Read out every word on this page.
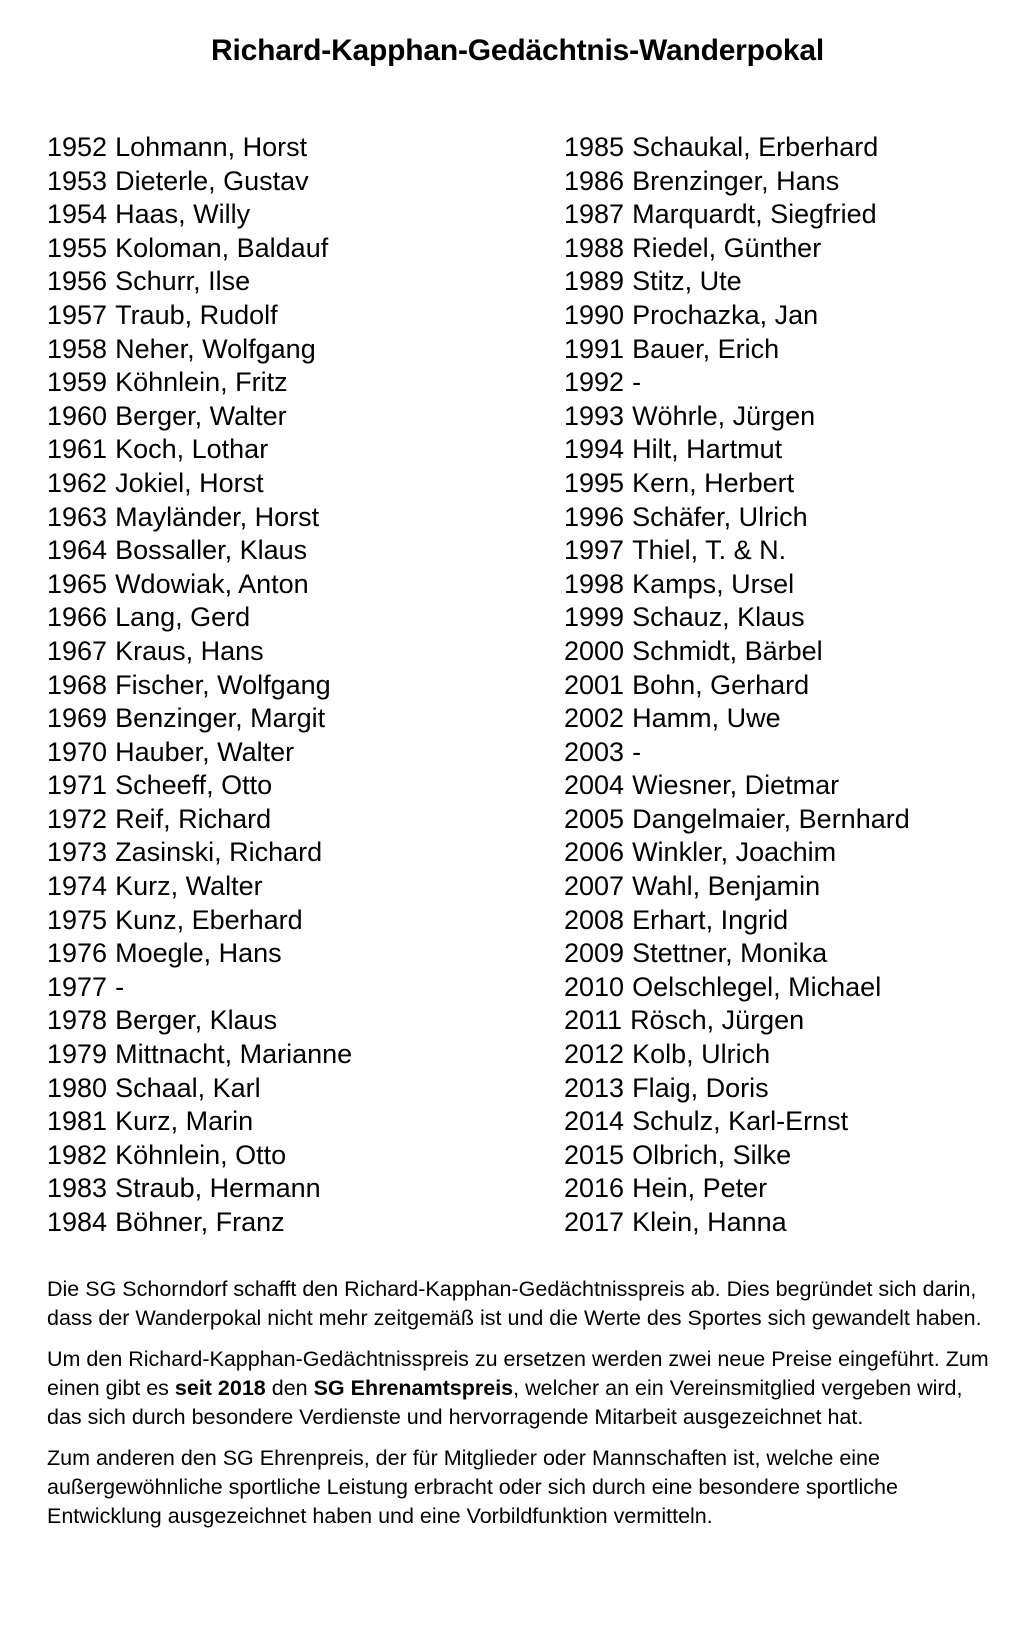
Richard-Kapphan-Gedächtnis-Wanderpokal
1952 Lohmann, Horst
1953 Dieterle, Gustav
1954 Haas, Willy
1955 Koloman, Baldauf
1956 Schurr, Ilse
1957 Traub, Rudolf
1958 Neher, Wolfgang
1959 Köhnlein, Fritz
1960 Berger, Walter
1961 Koch, Lothar
1962 Jokiel, Horst
1963 Mayländer, Horst
1964 Bossaller, Klaus
1965 Wdowiak, Anton
1966 Lang, Gerd
1967 Kraus, Hans
1968 Fischer, Wolfgang
1969 Benzinger, Margit
1970 Hauber, Walter
1971 Scheeff, Otto
1972 Reif, Richard
1973 Zasinski, Richard
1974 Kurz, Walter
1975 Kunz, Eberhard
1976 Moegle, Hans
1977 -
1978 Berger, Klaus
1979 Mittnacht, Marianne
1980 Schaal, Karl
1981 Kurz, Marin
1982 Köhnlein, Otto
1983 Straub, Hermann
1984 Böhner, Franz
1985 Schaukal, Erberhard
1986 Brenzinger, Hans
1987 Marquardt, Siegfried
1988 Riedel, Günther
1989 Stitz, Ute
1990 Prochazka, Jan
1991 Bauer, Erich
1992 -
1993 Wöhrle, Jürgen
1994 Hilt, Hartmut
1995 Kern, Herbert
1996 Schäfer, Ulrich
1997 Thiel, T. & N.
1998 Kamps, Ursel
1999 Schauz, Klaus
2000 Schmidt, Bärbel
2001 Bohn, Gerhard
2002 Hamm, Uwe
2003 -
2004 Wiesner, Dietmar
2005 Dangelmaier, Bernhard
2006 Winkler, Joachim
2007 Wahl, Benjamin
2008 Erhart, Ingrid
2009 Stettner, Monika
2010 Oelschlegel, Michael
2011 Rösch, Jürgen
2012 Kolb, Ulrich
2013 Flaig, Doris
2014 Schulz, Karl-Ernst
2015 Olbrich, Silke
2016 Hein, Peter
2017 Klein, Hanna

Die SG Schorndorf schafft den Richard-Kapphan-Gedächtnisspreis ab. Dies begründet sich darin, dass der Wanderpokal nicht mehr zeitgemäß ist und die Werte des Sportes sich gewandelt haben.

Um den Richard-Kapphan-Gedächtnisspreis zu ersetzen werden zwei neue Preise eingeführt. Zum einen gibt es seit 2018 den SG Ehrenamtspreis, welcher an ein Vereinsmitglied vergeben wird, das sich durch besondere Verdienste und hervorragende Mitarbeit ausgezeichnet hat.

Zum anderen den SG Ehrenpreis, der für Mitglieder oder Mannschaften ist, welche eine außergewöhnliche sportliche Leistung erbracht oder sich durch eine besondere sportliche Entwicklung ausgezeichnet haben und eine Vorbildfunktion vermitteln.
